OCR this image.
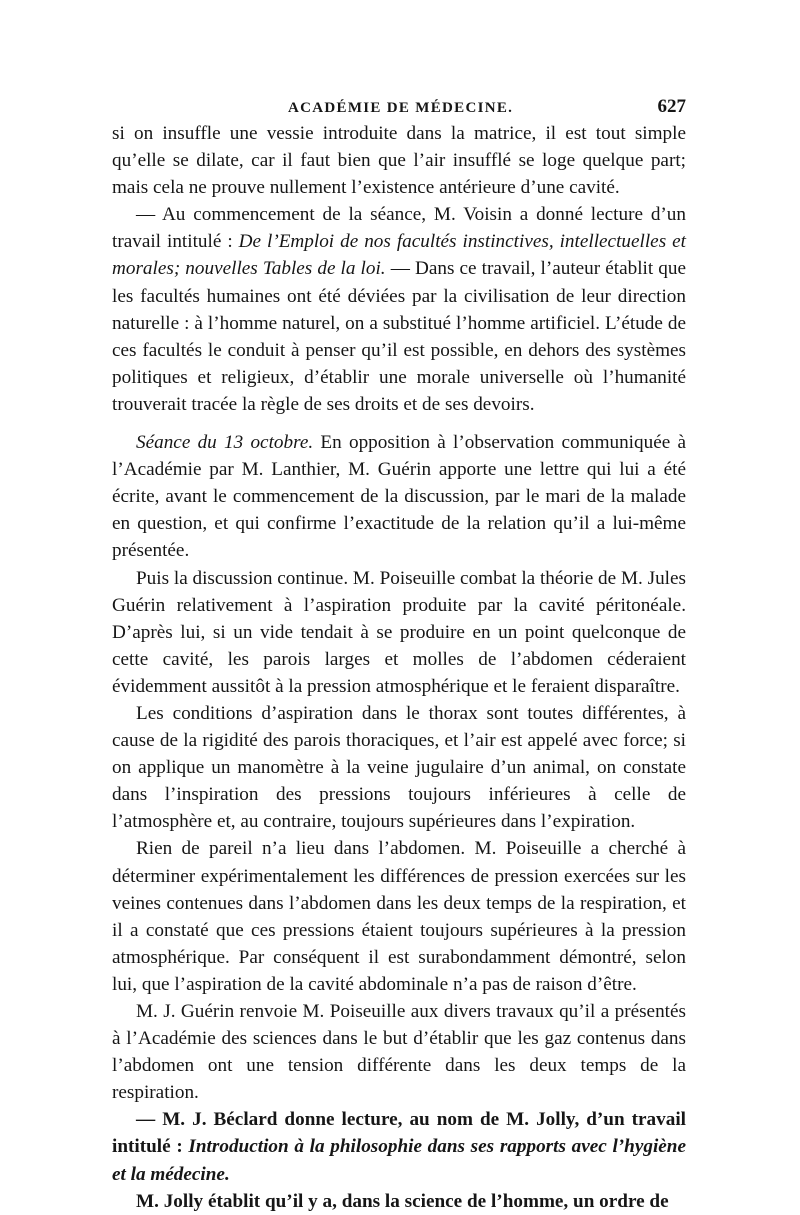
ACADÉMIE DE MÉDECINE.	627

si on insuffle une vessie introduite dans la matrice, il est tout simple qu’elle se dilate, car il faut bien que l’air insufflé se loge quelque part; mais cela ne prouve nullement l’existence antérieure d’une cavité.

— Au commencement de la séance, M. Voisin a donné lecture d’un travail intitulé : De l’Emploi de nos facultés instinctives, intellectuelles et morales; nouvelles Tables de la loi. — Dans ce travail, l’auteur établit que les facultés humaines ont été déviées par la civilisation de leur direction naturelle : à l’homme naturel, on a substitué l’homme artificiel. L’étude de ces facultés le conduit à penser qu’il est possible, en dehors des systèmes politiques et religieux, d’établir une morale universelle où l’humanité trouverait tracée la règle de ses droits et de ses devoirs.

Séance du 13 octobre. En opposition à l’observation communiquée à l’Académie par M. Lanthier, M. Guérin apporte une lettre qui lui a été écrite, avant le commencement de la discussion, par le mari de la malade en question, et qui confirme l’exactitude de la relation qu’il a lui-même présentée.

Puis la discussion continue. M. Poiseuille combat la théorie de M. Jules Guérin relativement à l’aspiration produite par la cavité péritonéale. D’après lui, si un vide tendait à se produire en un point quelconque de cette cavité, les parois larges et molles de l’abdomen céderaient évidemment aussitôt à la pression atmosphérique et le feraient disparaître.

Les conditions d’aspiration dans le thorax sont toutes différentes, à cause de la rigidité des parois thoraciques, et l’air est appelé avec force; si on applique un manomètre à la veine jugulaire d’un animal, on constate dans l’inspiration des pressions toujours inférieures à celle de l’atmosphère et, au contraire, toujours supérieures dans l’expiration.

Rien de pareil n’a lieu dans l’abdomen. M. Poiseuille a cherché à déterminer expérimentalement les différences de pression exercées sur les veines contenues dans l’abdomen dans les deux temps de la respiration, et il a constaté que ces pressions étaient toujours supérieures à la pression atmosphérique. Par conséquent il est surabondamment démontré, selon lui, que l’aspiration de la cavité abdominale n’a pas de raison d’être.

M. J. Guérin renvoie M. Poiseuille aux divers travaux qu’il a présentés à l’Académie des sciences dans le but d’établir que les gaz contenus dans l’abdomen ont une tension différente dans les deux temps de la respiration.

— M. J. Béclard donne lecture, au nom de M. Jolly, d’un travail intitulé : Introduction à la philosophie dans ses rapports avec l’hygiène et la médecine.

M. Jolly établit qu’il y a, dans la science de l’homme, un ordre de
